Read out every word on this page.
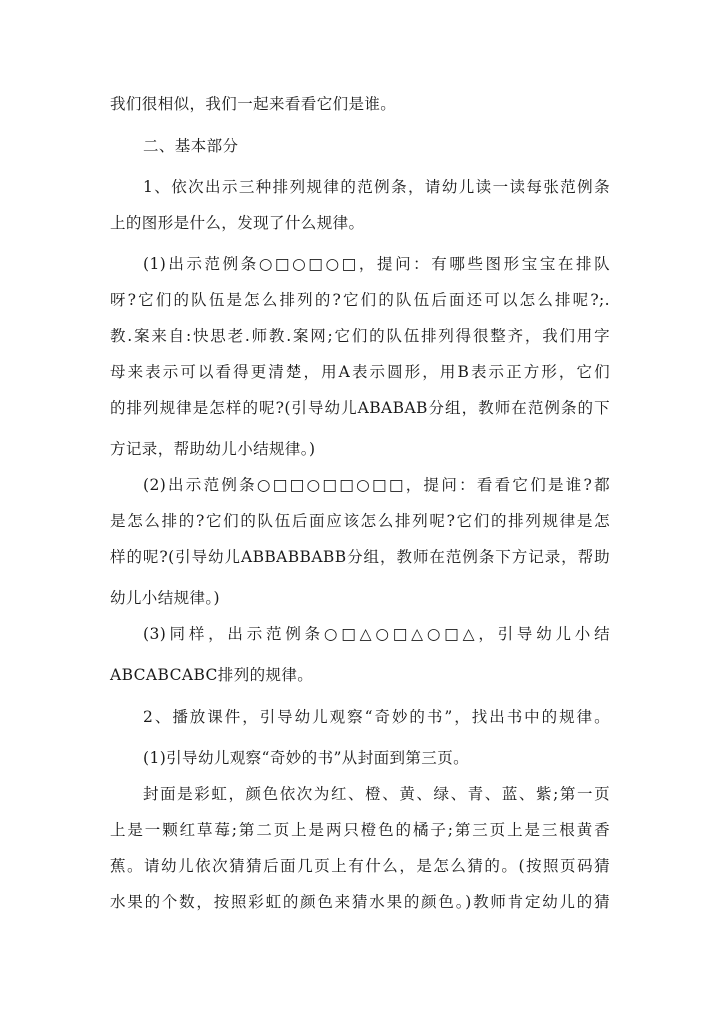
我们很相似，我们一起来看看它们是谁。
二、基本部分
1、依次出示三种排列规律的范例条，请幼儿读一读每张范例条
上的图形是什么，发现了什么规律。
(1)出示范例条○□○□○□，提问：有哪些图形宝宝在排队
呀?它们的队伍是怎么排列的?它们的队伍后面还可以怎么排呢?;.
教.案来自:快思老.师教.案网;它们的队伍排列得很整齐，我们用字
母来表示可以看得更清楚，用A表示圆形，用B表示正方形，它们
的排列规律是怎样的呢?(引导幼儿ABABAB分组，教师在范例条的下
方记录，帮助幼儿小结规律。)
(2)出示范例条○□□○□□○□□，提问：看看它们是谁?都
是怎么排的?它们的队伍后面应该怎么排列呢?它们的排列规律是怎
样的呢?(引导幼儿ABBABBABB分组，教师在范例条下方记录，帮助
幼儿小结规律。)
(3)同样，出示范例条○□△○□△○□△，引导幼儿小结
ABCABCABC排列的规律。
2、播放课件，引导幼儿观察“奇妙的书”，找出书中的规律。
(1)引导幼儿观察“奇妙的书”从封面到第三页。
封面是彩虹，颜色依次为红、橙、黄、绿、青、蓝、紫;第一页
上是一颗红草莓;第二页上是两只橙色的橘子;第三页上是三根黄香
蕉。请幼儿依次猜猜后面几页上有什么，是怎么猜的。(按照页码猜
水果的个数，按照彩虹的颜色来猜水果的颜色。)教师肯定幼儿的猜
